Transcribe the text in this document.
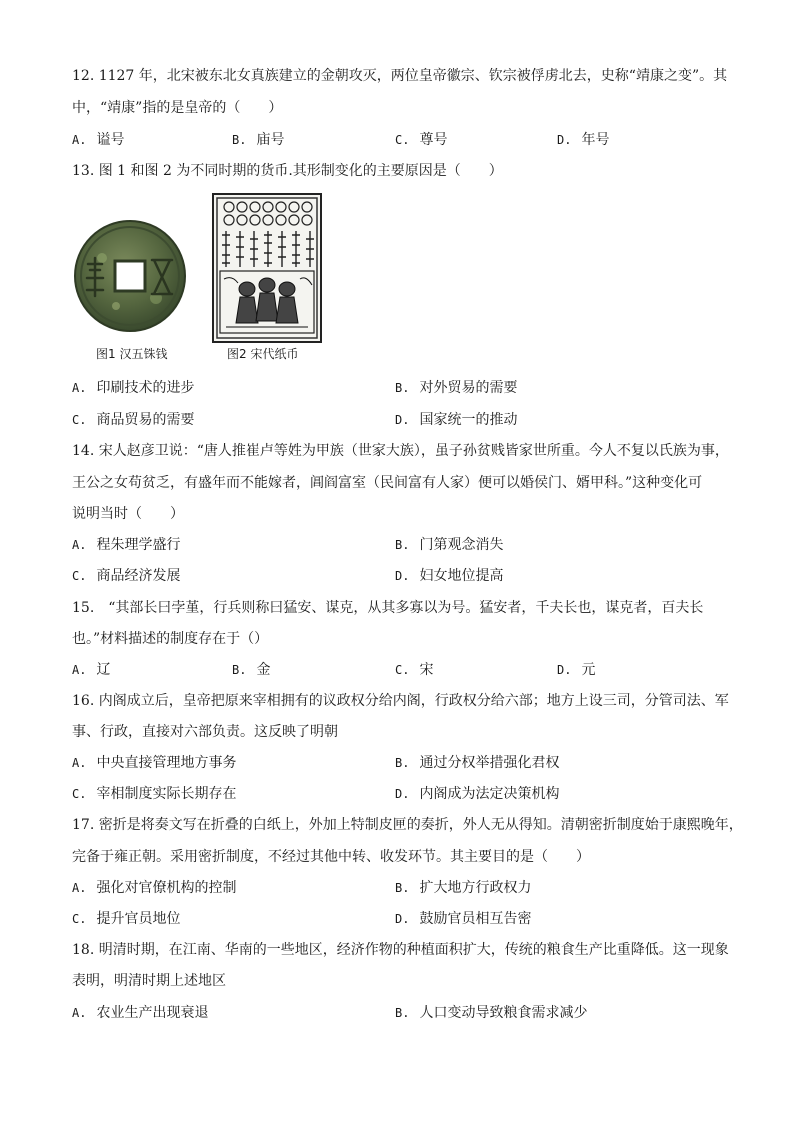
12. 1127 年，北宋被东北女真族建立的金朝攻灭，两位皇帝徽宗、钦宗被俘虏北去，史称“靖康之变”。其
中，“靖康”指的是皇帝的（　　）
A. 谥号	B. 庙号	C. 尊号	D. 年号
13. 图 1 和图 2 为不同时期的货币.其形制变化的主要原因是（　　）
图1 汉五铢钱	图2 宋代纸币
A. 印刷技术的进步	B. 对外贸易的需要
C. 商品贸易的需要	D. 国家统一的推动
14. 宋人赵彦卫说：“唐人推崔卢等姓为甲族（世家大族），虽子孙贫贱皆家世所重。今人不复以氏族为事，
王公之女苟贫乏，有盛年而不能嫁者，阊阎富室（民间富有人家）便可以婚侯门、婿甲科。”这种变化可
说明当时（　　）
A. 程朱理学盛行	B. 门第观念消失
C. 商品经济发展	D. 妇女地位提高
15.　“其部长曰孛堇，行兵则称曰猛安、谋克，从其多寡以为号。猛安者，千夫长也，谋克者，百夫长
也。”材料描述的制度存在于（）
A. 辽	B. 金	C. 宋	D. 元
16. 内阁成立后，皇帝把原来宰相拥有的议政权分给内阁，行政权分给六部；地方上设三司，分管司法、军
事、行政，直接对六部负责。这反映了明朝
A. 中央直接管理地方事务	B. 通过分权举措强化君权
C. 宰相制度实际长期存在	D. 内阁成为法定决策机构
17. 密折是将奏文写在折叠的白纸上，外加上特制皮匣的奏折，外人无从得知。清朝密折制度始于康熙晚年，
完备于雍正朝。采用密折制度，不经过其他中转、收发环节。其主要目的是（　　）
A. 强化对官僚机构的控制	B. 扩大地方行政权力
C. 提升官员地位	D. 鼓励官员相互告密
18. 明清时期，在江南、华南的一些地区，经济作物的种植面积扩大，传统的粮食生产比重降低。这一现象
表明，明清时期上述地区
A. 农业生产出现衰退	B. 人口变动导致粮食需求减少
